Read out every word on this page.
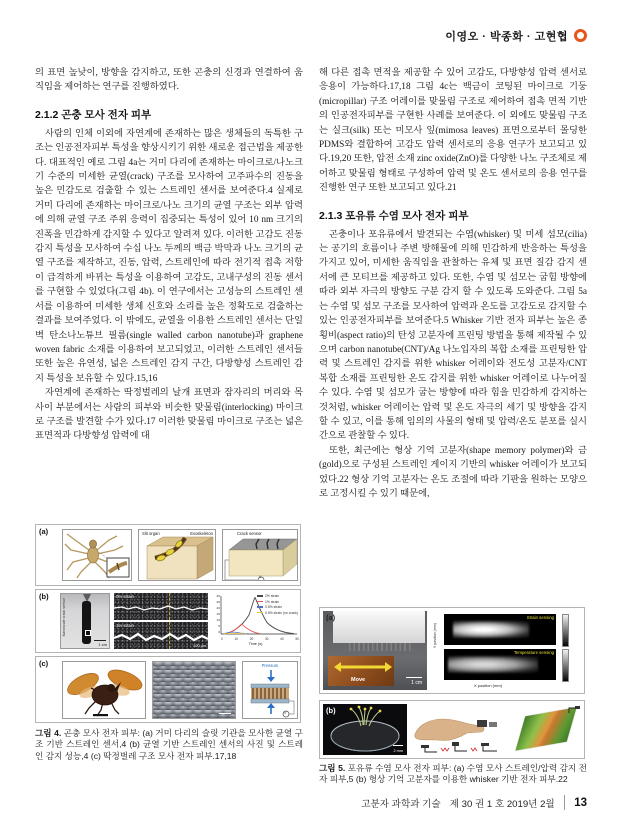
이영오 · 박종화 · 고현협

의 표면 높낮이, 방향을 감지하고, 또한 곤충의 신경과 연결하여 움직임을 제어하는 연구를 진행하였다.

2.1.2 곤충 모사 전자 피부

사람의 인체 이외에 자연계에 존재하는 많은 생체들의 독특한 구조는 인공전자피부 특성을 향상시키기 위한 새로운 접근법을 제공한다. 대표적인 예로 그림 4a는 거미 다리에 존재하는 마이크로/나노크기 수준의 미세한 균열(crack) 구조를 모사하여 고주파수의 진동을 높은 민감도로 검출할 수 있는 스트레인 센서를 보여준다.4 실제로 거미 다리에 존재하는 마이크로/나노 크기의 균열 구조는 외부 압력에 의해 균열 구조 주위 응력이 집중되는 특성이 있어 10 nm 크기의 진폭을 민감하게 감지할 수 있다고 알려져 있다. 이러한 고감도 진동 감지 특성을 모사하여 수십 나노 두께의 백금 박막과 나노 크기의 균열 구조를 제작하고, 진동, 압력, 스트레인에 따라 전기적 접촉 저항이 급격하게 바뀌는 특성을 이용하여 고감도, 고내구성의 진동 센서를 구현할 수 있었다(그림 4b). 이 연구에서는 고성능의 스트레인 센서를 이용하여 미세한 생체 신호와 소리를 높은 정확도로 검출하는 결과를 보여주었다. 이 밖에도, 균열을 이용한 스트레인 센서는 단일벽 탄소나노튜브 필름(single walled carbon nanotube)과 graphene woven fabric 소재를 이용하여 보고되었고, 이러한 스트레인 센서들 또한 높은 유연성, 넓은 스트레인 감지 구간, 다방향성 스트레인 감지 특성을 보유할 수 있다.15,16

자연계에 존재하는 딱정벌레의 날개 표면과 잠자리의 머리와 목 사이 부분에서는 사람의 피부와 비슷한 맞물림(interlocking) 마이크로 구조를 발견할 수가 있다.17 이러한 맞물림 마이크로 구조는 넓은 표면적과 다방향성 압력에 대

해 다른 접촉 면적을 제공할 수 있어 고감도, 다방향성 압력 센서로 응용이 가능하다.17,18 그림 4c는 백금이 코팅된 마이크로 기둥(micropillar) 구조 어레이를 맞물림 구조로 제어하여 접촉 면적 기반의 인공전자피부를 구현한 사례를 보여준다. 이 외에도 맞물림 구조는 실크(silk) 또는 미모사 잎(mimosa leaves) 표면으로부터 몰딩한 PDMS와 결합하여 고감도 압력 센서로의 응용 연구가 보고되고 있다.19,20 또한, 압전 소재 zinc oxide(ZnO)를 다양한 나노 구조체로 제어하고 맞물림 형태로 구성하여 압력 및 온도 센서로의 응용 연구를 진행한 연구 또한 보고되고 있다.21

2.1.3 포유류 수염 모사 전자 피부

곤충이나 포유류에서 발견되는 수염(whisker) 및 미세 섬모(cilia)는 공기의 흐름이나 주변 방해물에 의해 민감하게 반응하는 특성을 가지고 있어, 미세한 움직임을 관찰하는 유체 및 표면 질감 감지 센서에 큰 모티브를 제공하고 있다. 또한, 수염 및 섬모는 굽힘 방향에 따라 외부 자극의 방향도 구분 감지 할 수 있도록 도와준다. 그림 5a는 수염 및 섬모 구조를 모사하여 압력과 온도를 고감도로 감지할 수 있는 인공전자피부를 보여준다.5 Whisker 기반 전자 피부는 높은 종횡비(aspect ratio)의 탄성 고분자에 프린팅 방법을 통해 제작될 수 있으며 carbon nanotube(CNT)/Ag 나노입자의 복합 소재를 프린팅한 압력 및 스트레인 감지를 위한 whisker 어레이와 전도성 고분자/CNT 복합 소재를 프린팅한 온도 감지를 위한 whisker 어레이로 나누어질 수 있다. 수염 및 섬모가 굽는 방향에 따라 힘을 민감하게 감지하는 것처럼, whisker 어레이는 압력 및 온도 자극의 세기 및 방향을 감지할 수 있고, 이를 통해 임의의 사물의 형태 및 압력/온도 분포를 실시간으로 관찰할 수 있다.

또한, 최근에는 형상 기억 고분자(shape memory polymer)와 금(gold)으로 구성된 스트레인 게이지 기반의 whisker 어레이가 보고되었다.22 형상 기억 고분자는 온도 조절에 따라 기판을 원하는 모양으로 고정시킬 수 있기 때문에,

(a)	Slit organ	Exoskeleton	Crack sensor
V
(b)
Nanoscale crack sensor
1 cm
0% strain
1% strain
100 μm
30
25
20
15
10
5
0
0	10	20	30	40	50
Time (s)
2% strain
1% strain
0.5% strain
0.5% strain (no crack)
(c)	Pressure
V
그림 4. 곤충 모사 전자 피부: (a) 거미 다리의 슬릿 기관을 모사한 균열 구조 기반 스트레인 센서,4 (b) 균열 기반 스트레인 센서의 사진 및 스트레인 감지 성능,4 (c) 딱정벌레 구조 모사 전자 피부.17,18
(a)
Move	1 cm
Y position (mm)
Strain sensing
Temperature sensing
X position (mm)
(b)
2 mm
그림 5. 포유류 수염 모사 전자 피부: (a) 수염 모사 스트레인/압력 감지 전자 피부,5 (b) 형상 기억 고분자를 이용한 whisker 기반 전자 피부.22
고분자 과학과 기술 제 30 권 1 호 2019년 2월 13
